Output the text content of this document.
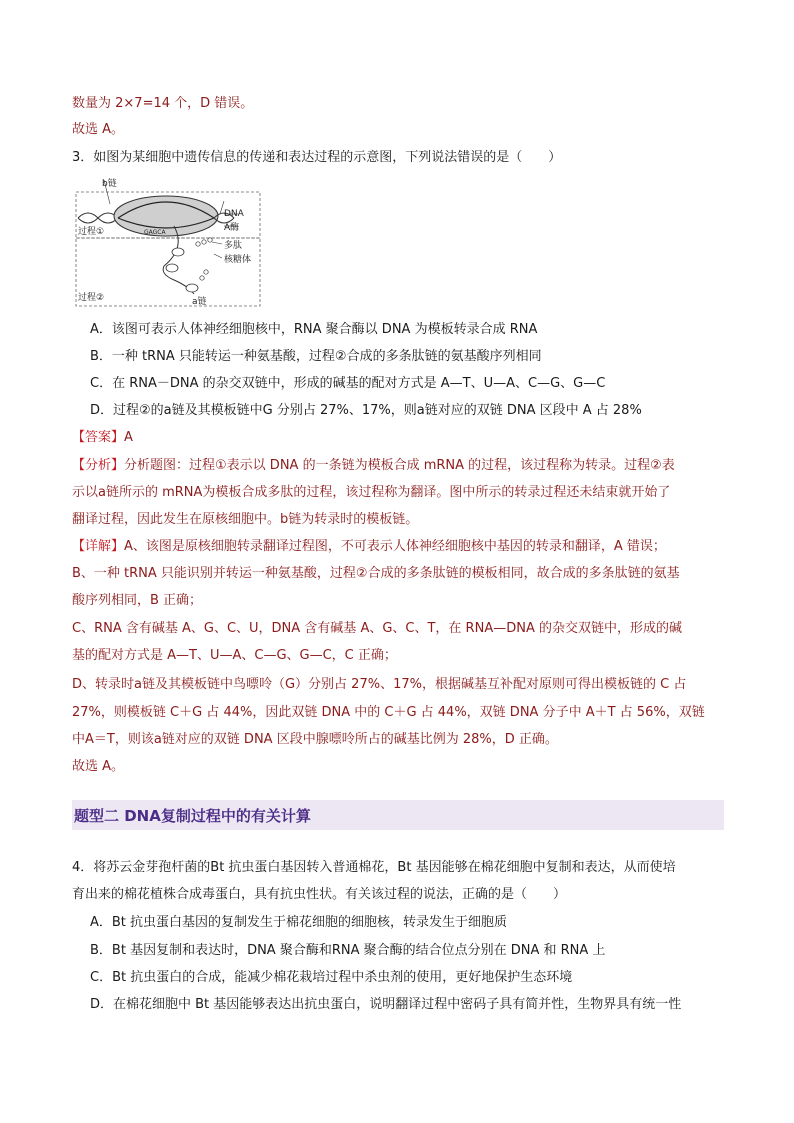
数量为 2×7=14 个，D 错误。
故选 A。
3．如图为某细胞中遗传信息的传递和表达过程的示意图，下列说法错误的是（　　）
b链
DNA
A酶
GAGCA
过程①
多肽
核糖体
过程②	a链
A．该图可表示人体神经细胞核中，RNA 聚合酶以 DNA 为模板转录合成 RNA
B．一种 tRNA 只能转运一种氨基酸，过程②合成的多条肽链的氨基酸序列相同
C．在 RNA－DNA 的杂交双链中，形成的碱基的配对方式是 A—T、U—A、C—G、G—C
D．过程②的a链及其模板链中G 分别占 27%、17%，则a链对应的双链 DNA 区段中 A 占 28%
【答案】A
【分析】分析题图：过程①表示以 DNA 的一条链为模板合成 mRNA 的过程，该过程称为转录。过程②表
示以a链所示的 mRNA为模板合成多肽的过程，该过程称为翻译。图中所示的转录过程还未结束就开始了
翻译过程，因此发生在原核细胞中。b链为转录时的模板链。
【详解】A、该图是原核细胞转录翻译过程图，不可表示人体神经细胞核中基因的转录和翻译，A 错误；
B、一种 tRNA 只能识别并转运一种氨基酸，过程②合成的多条肽链的模板相同，故合成的多条肽链的氨基
酸序列相同，B 正确；
C、RNA 含有碱基 A、G、C、U，DNA 含有碱基 A、G、C、T，在 RNA—DNA 的杂交双链中，形成的碱
基的配对方式是 A—T、U—A、C—G、G—C，C 正确；
D、转录时a链及其模板链中鸟嘌呤（G）分别占 27%、17%，根据碱基互补配对原则可得出模板链的 C 占
27%，则模板链 C＋G 占 44%，因此双链 DNA 中的 C＋G 占 44%，双链 DNA 分子中 A＋T 占 56%，双链
中A＝T，则该a链对应的双链 DNA 区段中腺嘌呤所占的碱基比例为 28%，D 正确。
故选 A。
题型二 DNA复制过程中的有关计算
4．将苏云金芽孢杆菌的Bt 抗虫蛋白基因转入普通棉花，Bt 基因能够在棉花细胞中复制和表达，从而使培
育出来的棉花植株合成毒蛋白，具有抗虫性状。有关该过程的说法，正确的是（　　）
A．Bt 抗虫蛋白基因的复制发生于棉花细胞的细胞核，转录发生于细胞质
B．Bt 基因复制和表达时，DNA 聚合酶和RNA 聚合酶的结合位点分别在 DNA 和 RNA 上
C．Bt 抗虫蛋白的合成，能减少棉花栽培过程中杀虫剂的使用，更好地保护生态环境
D．在棉花细胞中 Bt 基因能够表达出抗虫蛋白，说明翻译过程中密码子具有简并性，生物界具有统一性
